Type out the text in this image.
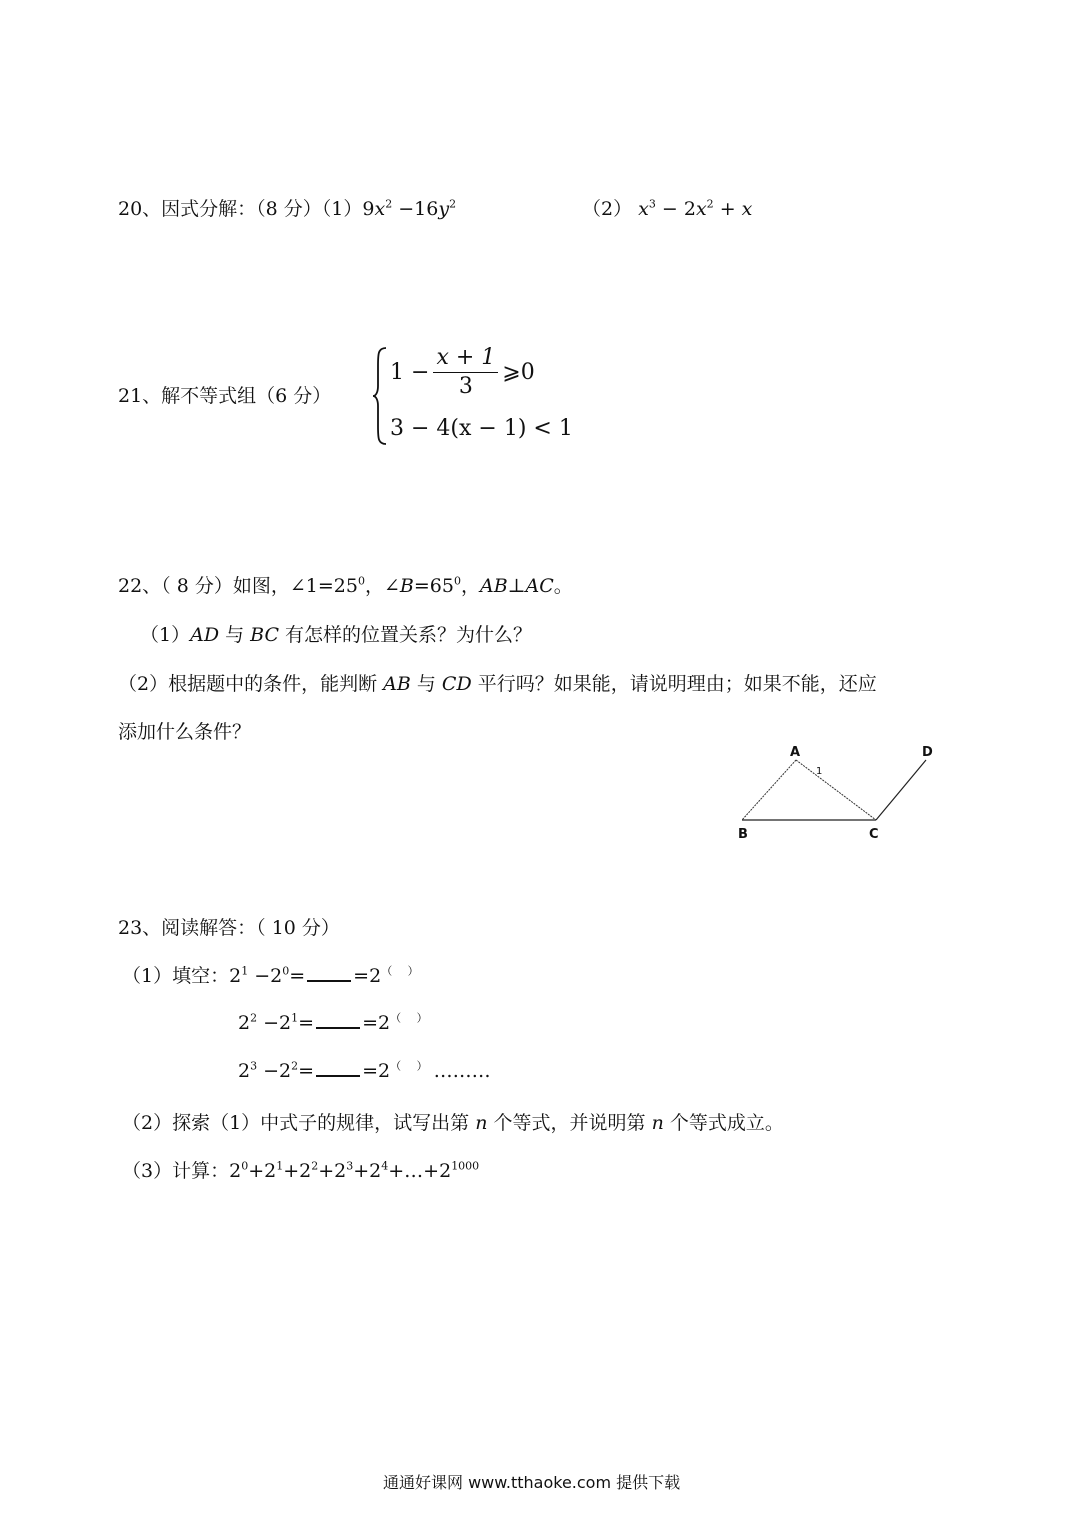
20、因式分解：（8 分）$(1)9x^2 -16y^2$	（2） $x^3 - 2x^2 + x$
21、解不等式组（6 分）
$1 - \frac{x + 1}{3}$ ⩾0
3 − 4(x − 1) < 1
22、（ 8 分）如图，$\angle 1=25^0$，$\angle B=65^0$，AB⊥AC。
（1）AD 与 BC 有怎样的位置关系？为什么？
（2）根据题中的条件，能判断 AB 与 CD 平行吗？如果能，请说明理由；如果不能，还应
添加什么条件？
A
1
D
B	C
23、阅读解答：（ 10 分）
（1）填空：$2^1 -2^0=$	=2（ ）
$2^2 -2^1=$	=2（ ）
$2^3 -2^2=$	=2（ ）………
（2）探索（1）中式子的规律，试写出第 n 个等式，并说明第 n 个等式成立。
（3）计算：$2^0+2^1+2^2+2^3+2^4+\dots+2^{1000}$
通通好课网 www.tthaoke.com 提供下载
